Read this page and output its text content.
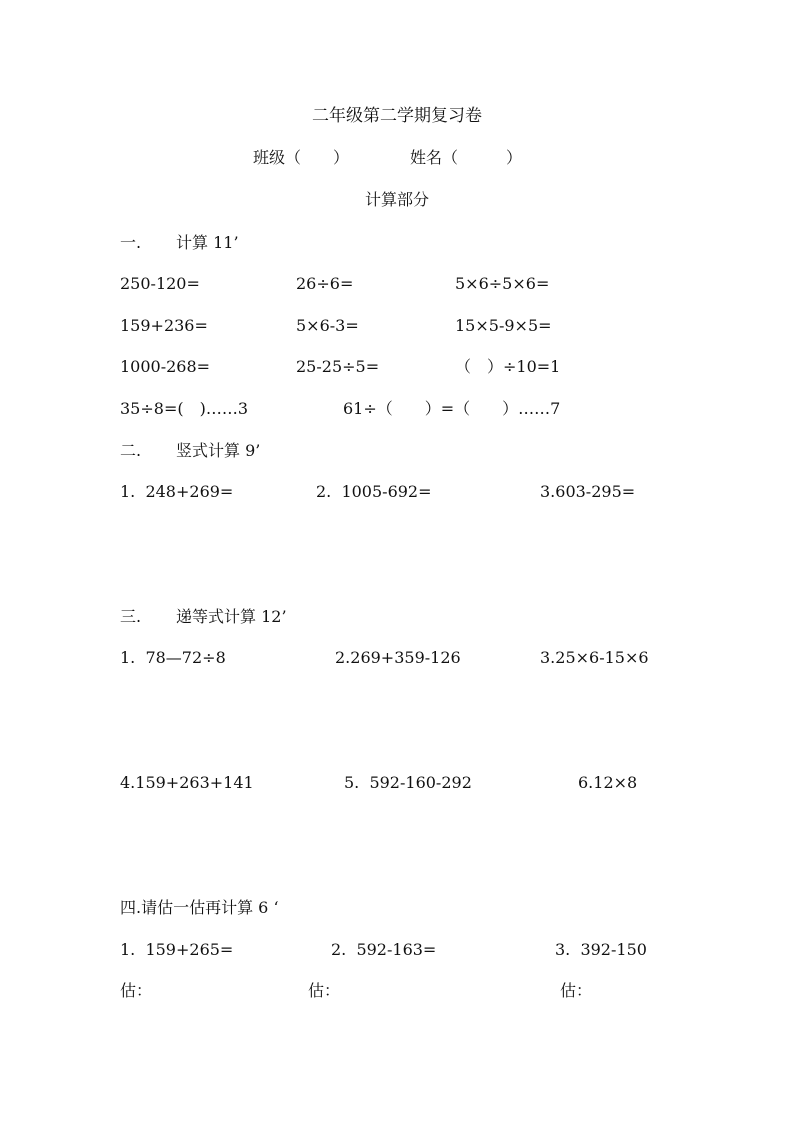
二年级第二学期复习卷
班级（　　）	姓名（　　　）
计算部分
一. 计算 11’
250-120=	26÷6=	5×6÷5×6=
159+236=	5×6-3=	15×5-9×5=
1000-268=	25-25÷5=	（　）÷10=1
35÷8=(　)……3	61÷（　　）=（　　）……7
二. 竖式计算 9’
1.  248+269=	2.  1005-692=	3.603-295=
三. 递等式计算 12’
1.  78—72÷8	2.269+359-126	3.25×6-15×6
4.159+263+141	5.  592-160-292	6.12×8
四.请估一估再计算 6 ‘
1.  159+265=	2.  592-163=	3.  392-150
估：	估：	估：
